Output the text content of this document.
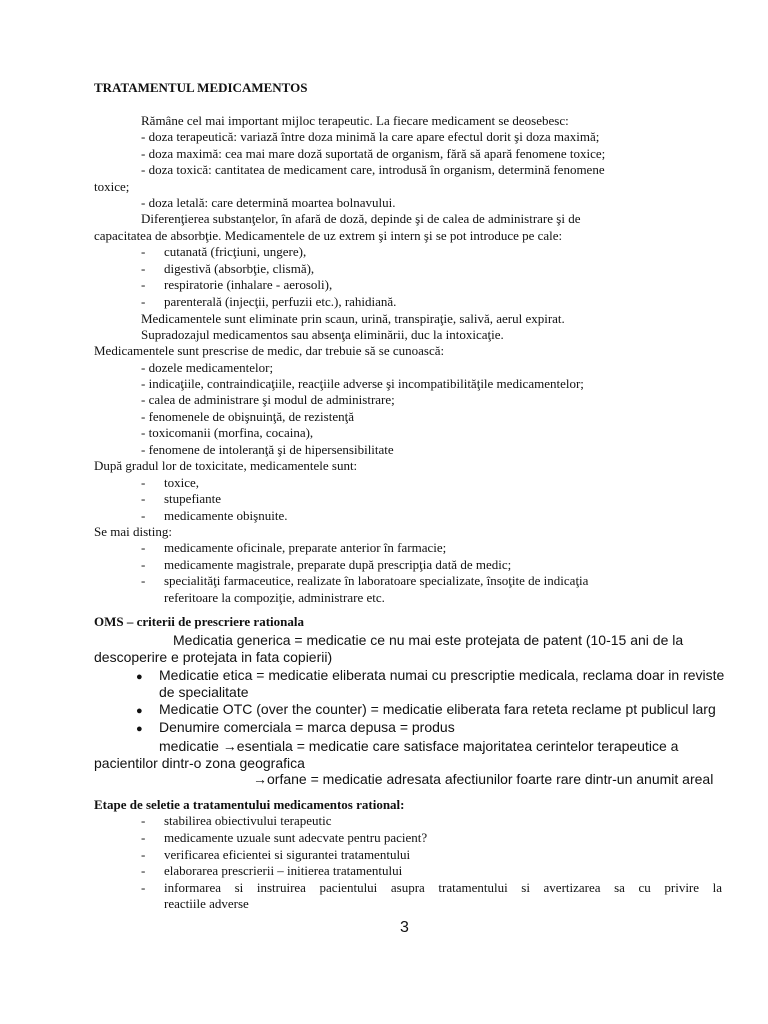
TRATAMENTUL MEDICAMENTOS
Rămâne cel mai important mijloc terapeutic. La fiecare medicament se deosebesc:
- doza terapeutică: variază între doza minimă la care apare efectul dorit şi doza maximă;
- doza maximă: cea mai mare doză suportată de organism, fără să apară fenomene toxice;
- doza toxică: cantitatea de medicament care, introdusă în organism, determină fenomene
toxice;
- doza letală: care determină moartea bolnavului.
Diferenţierea substanţelor, în afară de doză, depinde şi de calea de administrare şi de
capacitatea de absorbţie. Medicamentele de uz extrem şi intern şi se pot introduce pe cale:
- cutanată (fricţiuni, ungere),
- digestivă (absorbţie, clismă),
- respiratorie (inhalare - aerosoli),
- parenterală (injecţii, perfuzii etc.), rahidiană.
Medicamentele sunt eliminate prin scaun, urină, transpiraţie, salivă, aerul expirat.
Supradozajul medicamentos sau absenţa eliminării, duc la intoxicaţie.
Medicamentele sunt prescrise de medic, dar trebuie să se cunoască:
- dozele medicamentelor;
- indicaţiile, contraindicaţiile, reacţiile adverse şi incompatibilităţile medicamentelor;
- calea de administrare şi modul de administrare;
- fenomenele de obişnuinţă, de rezistenţă
- toxicomanii (morfina, cocaina),
- fenomene de intoleranţă şi de hipersensibilitate
După gradul lor de toxicitate, medicamentele sunt:
- toxice,
- stupefiante
- medicamente obişnuite.
Se mai disting:
- medicamente oficinale, preparate anterior în farmacie;
- medicamente magistrale, preparate după prescripţia dată de medic;
- specialităţi farmaceutice, realizate în laboratoare specializate, însoţite de indicaţia
referitoare la compoziţie, administrare etc.
OMS – criterii de prescriere rationala
Medicatia generica = medicatie ce nu mai este protejata de patent (10-15 ani de la
descoperire e protejata in fata copierii)
● Medicatie etica = medicatie eliberata numai cu prescriptie medicala, reclama doar in reviste
de specialitate
● Medicatie OTC (over the counter) = medicatie eliberata fara reteta reclame pt publicul larg
● Denumire comerciala = marca depusa = produs
medicatie →esentiala = medicatie care satisface majoritatea cerintelor terapeutice a
pacientilor dintr-o zona geografica
→orfane = medicatie adresata afectiunilor foarte rare dintr-un anumit areal
Etape de seletie a tratamentului medicamentos rational:
- stabilirea obiectivului terapeutic
- medicamente uzuale sunt adecvate pentru pacient?
- verificarea eficientei si sigurantei tratamentului
- elaborarea prescrierii – initierea tratamentului
- informarea si instruirea pacientului asupra tratamentului si avertizarea sa cu privire la
reactiile adverse
3
